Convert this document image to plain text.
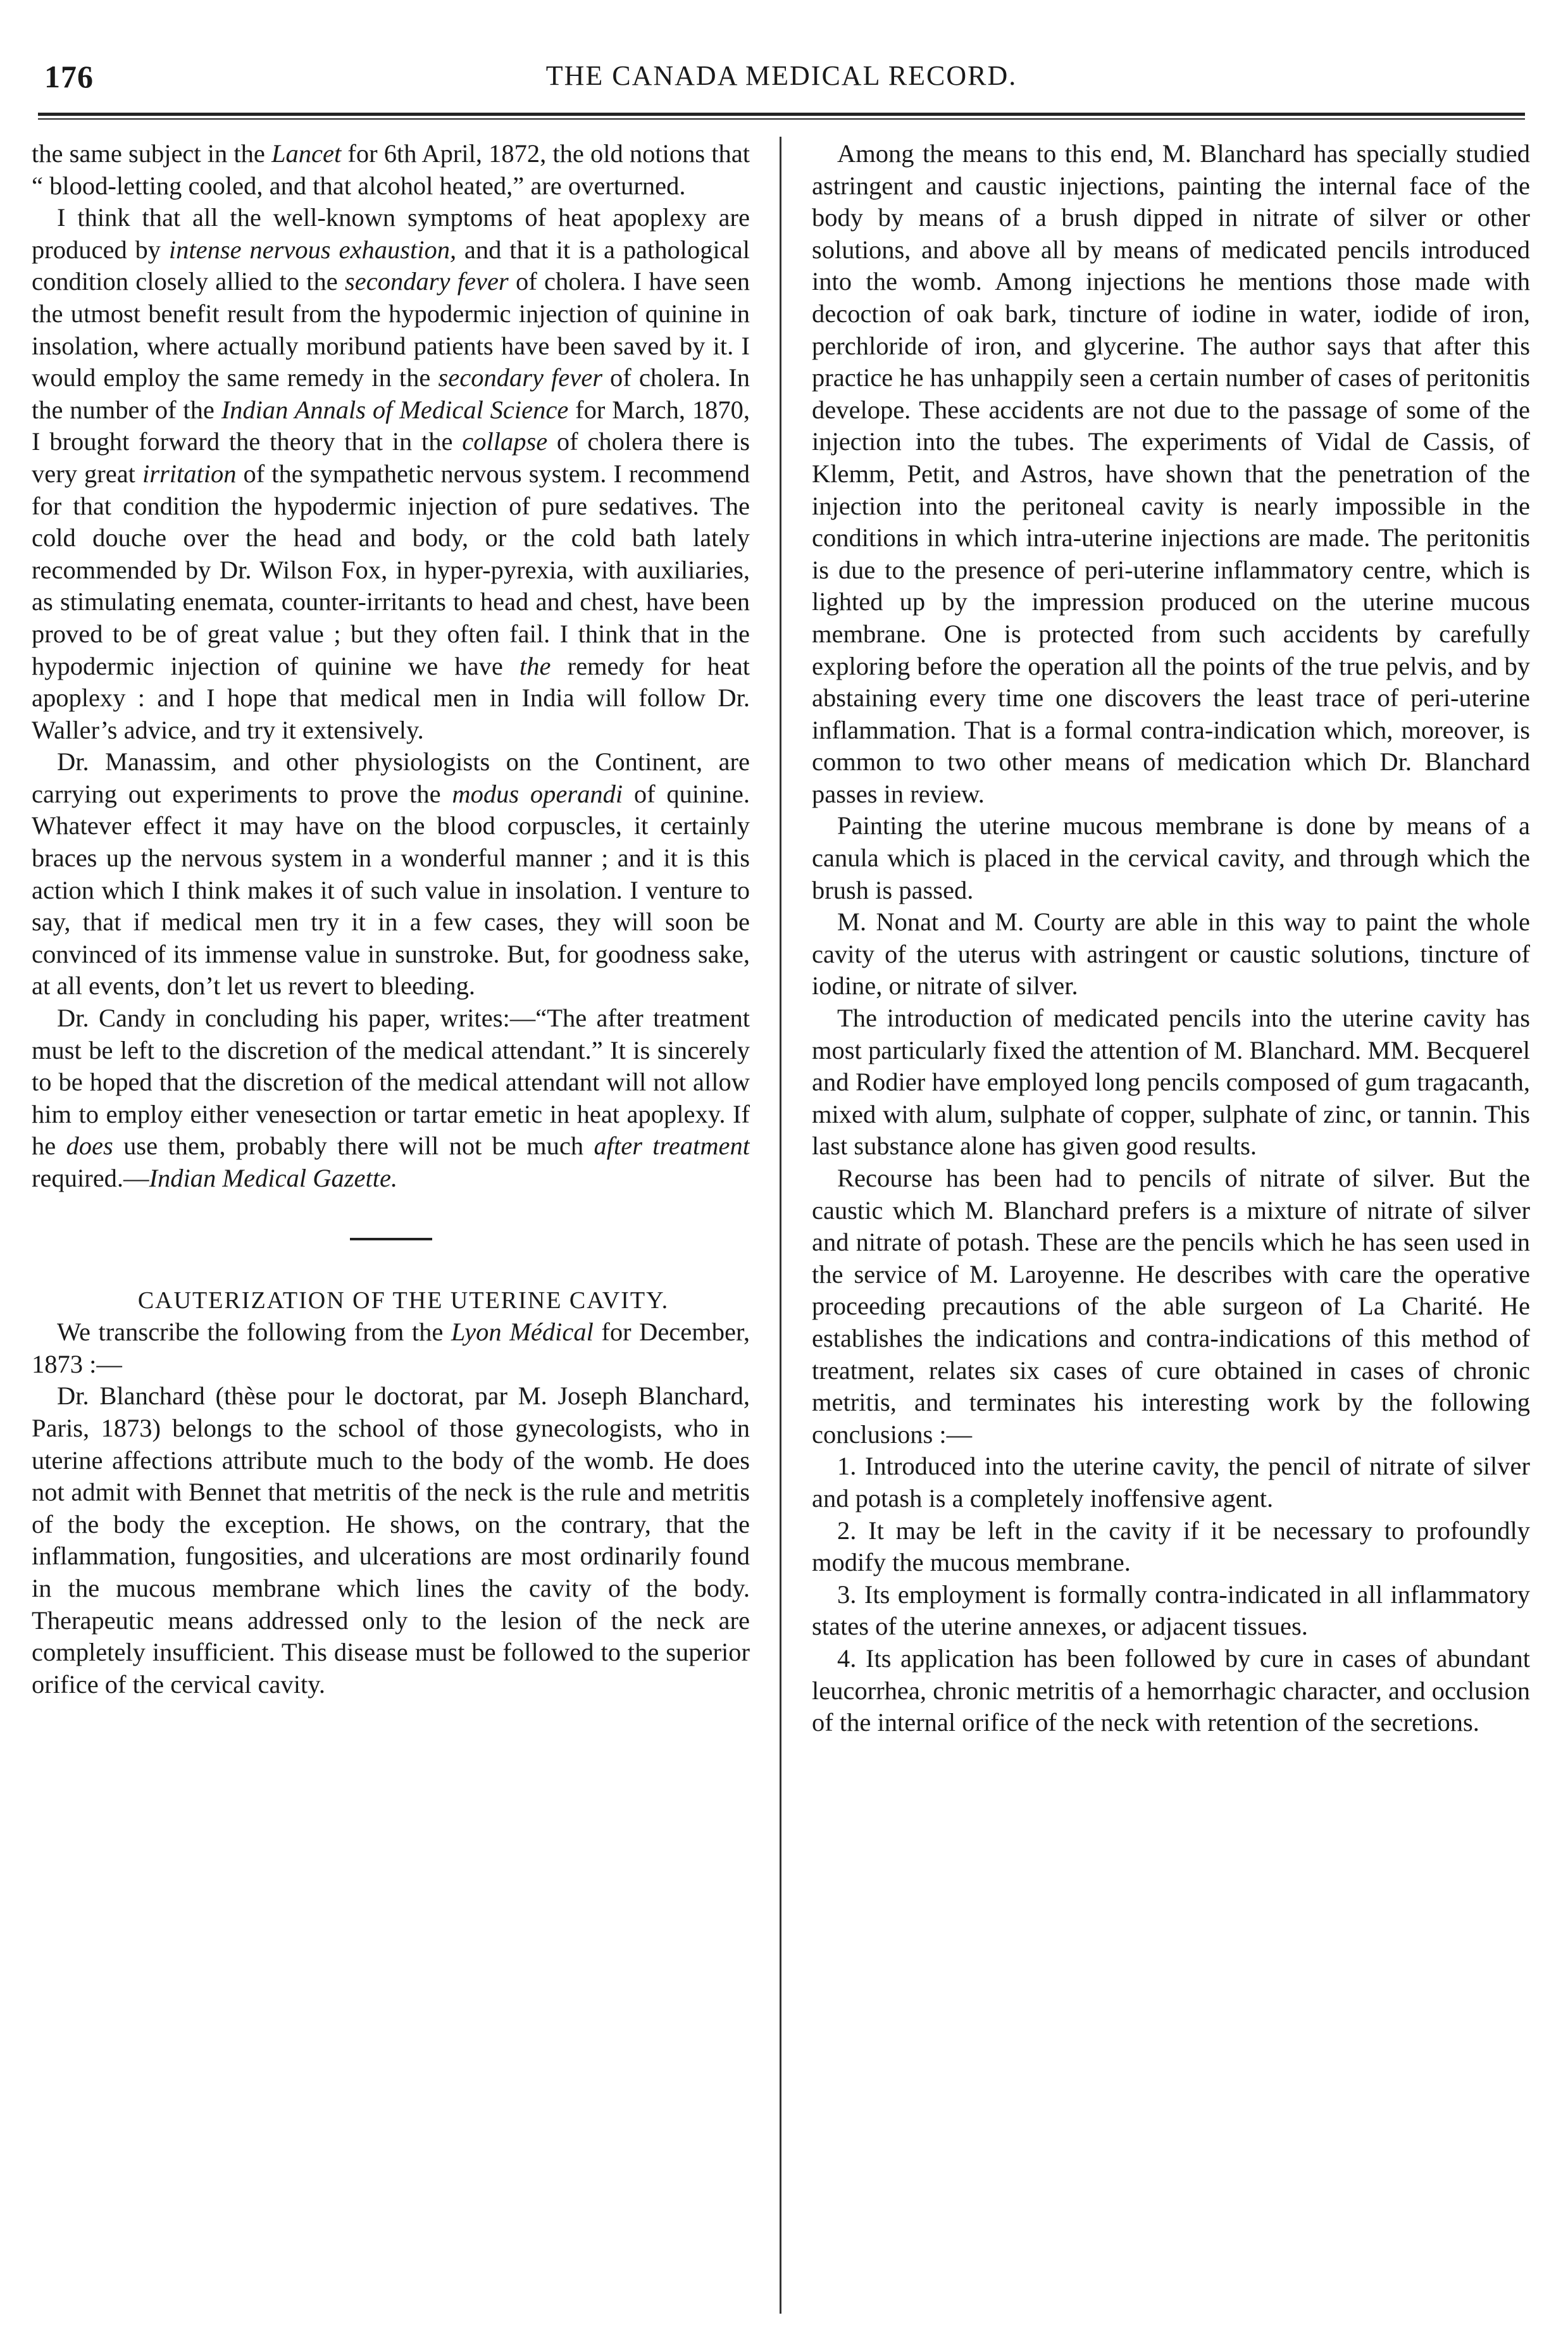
176	THE CANADA MEDICAL RECORD.

the same subject in the Lancet for 6th April, 1872, the old notions that “ blood-letting cooled, and that alcohol heated,” are overturned.

I think that all the well-known symptoms of heat apoplexy are produced by intense nervous exhaustion, and that it is a pathological condition closely allied to the secondary fever of cholera. I have seen the utmost benefit result from the hypodermic injection of quinine in insolation, where actually moribund patients have been saved by it. I would employ the same remedy in the secondary fever of cholera. In the number of the Indian Annals of Medical Science for March, 1870, I brought forward the theory that in the collapse of cholera there is very great irritation of the sympathetic nervous system. I recommend for that condition the hypodermic injection of pure sedatives. The cold douche over the head and body, or the cold bath lately recommended by Dr. Wilson Fox, in hyper-pyrexia, with auxiliaries, as stimulating enemata, counter-irritants to head and chest, have been proved to be of great value ; but they often fail. I think that in the hypodermic injection of quinine we have the remedy for heat apoplexy : and I hope that medical men in India will follow Dr. Waller’s advice, and try it extensively.

Dr. Manassim, and other physiologists on the Continent, are carrying out experiments to prove the modus operandi of quinine. Whatever effect it may have on the blood corpuscles, it certainly braces up the nervous system in a wonderful manner ; and it is this action which I think makes it of such value in insolation. I venture to say, that if medical men try it in a few cases, they will soon be convinced of its immense value in sunstroke. But, for goodness sake, at all events, don’t let us revert to bleeding.

Dr. Candy in concluding his paper, writes:—“The after treatment must be left to the discretion of the medical attendant.” It is sincerely to be hoped that the discretion of the medical attendant will not allow him to employ either venesection or tartar emetic in heat apoplexy. If he does use them, probably there will not be much after treatment required.—Indian Medical Gazette.

CAUTERIZATION OF THE UTERINE CAVITY.

We transcribe the following from the Lyon Médical for December, 1873 :—

Dr. Blanchard (thèse pour le doctorat, par M. Joseph Blanchard, Paris, 1873) belongs to the school of those gynecologists, who in uterine affections attribute much to the body of the womb. He does not admit with Bennet that metritis of the neck is the rule and metritis of the body the exception. He shows, on the contrary, that the inflammation, fungosities, and ulcerations are most ordinarily found in the mucous membrane which lines the cavity of the body. Therapeutic means addressed only to the lesion of the neck are completely insufficient. This disease must be followed to the superior orifice of the cervical cavity.

Among the means to this end, M. Blanchard has specially studied astringent and caustic injections, painting the internal face of the body by means of a brush dipped in nitrate of silver or other solutions, and above all by means of medicated pencils introduced into the womb. Among injections he mentions those made with decoction of oak bark, tincture of iodine in water, iodide of iron, perchloride of iron, and glycerine. The author says that after this practice he has unhappily seen a certain number of cases of peritonitis develope. These accidents are not due to the passage of some of the injection into the tubes. The experiments of Vidal de Cassis, of Klemm, Petit, and Astros, have shown that the penetration of the injection into the peritoneal cavity is nearly impossible in the conditions in which intra-uterine injections are made. The peritonitis is due to the presence of peri-uterine inflammatory centre, which is lighted up by the impression produced on the uterine mucous membrane. One is protected from such accidents by carefully exploring before the operation all the points of the true pelvis, and by abstaining every time one discovers the least trace of peri-uterine inflammation. That is a formal contra-indication which, moreover, is common to two other means of medication which Dr. Blanchard passes in review.

Painting the uterine mucous membrane is done by means of a canula which is placed in the cervical cavity, and through which the brush is passed.

M. Nonat and M. Courty are able in this way to paint the whole cavity of the uterus with astringent or caustic solutions, tincture of iodine, or nitrate of silver.

The introduction of medicated pencils into the uterine cavity has most particularly fixed the attention of M. Blanchard. MM. Becquerel and Rodier have employed long pencils composed of gum tragacanth, mixed with alum, sulphate of copper, sulphate of zinc, or tannin. This last substance alone has given good results.

Recourse has been had to pencils of nitrate of silver. But the caustic which M. Blanchard prefers is a mixture of nitrate of silver and nitrate of potash. These are the pencils which he has seen used in the service of M. Laroyenne. He describes with care the operative proceeding precautions of the able surgeon of La Charité. He establishes the indications and contra-indications of this method of treatment, relates six cases of cure obtained in cases of chronic metritis, and terminates his interesting work by the following conclusions :—

1. Introduced into the uterine cavity, the pencil of nitrate of silver and potash is a completely inoffensive agent.

2. It may be left in the cavity if it be necessary to profoundly modify the mucous membrane.

3. Its employment is formally contra-indicated in all inflammatory states of the uterine annexes, or adjacent tissues.

4. Its application has been followed by cure in cases of abundant leucorrhea, chronic metritis of a hemorrhagic character, and occlusion of the internal orifice of the neck with retention of the secretions.
